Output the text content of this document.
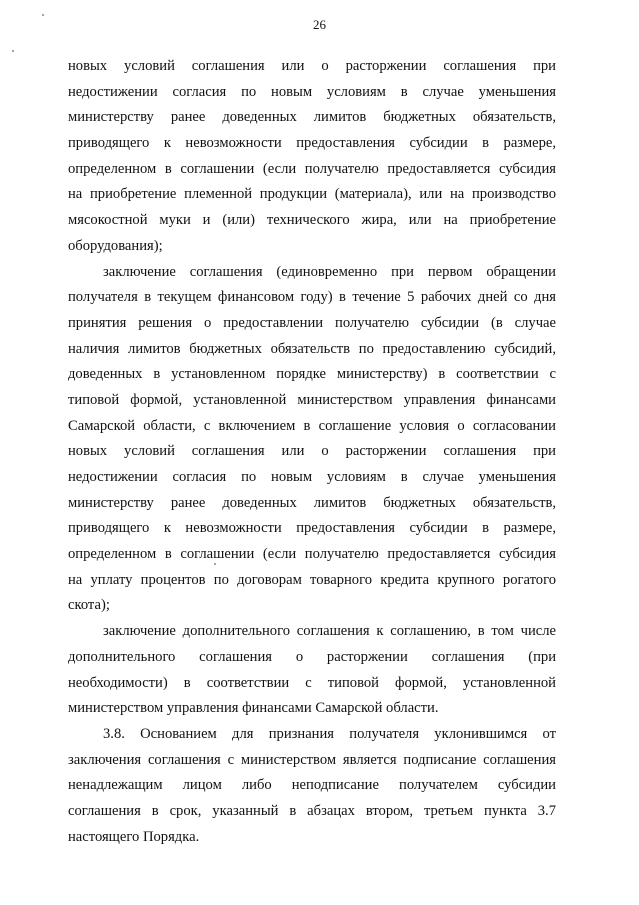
26
новых условий соглашения или о расторжении соглашения при
недостижении согласия по новым условиям в случае уменьшения
министерству ранее доведенных лимитов бюджетных обязательств,
приводящего к невозможности предоставления субсидии в размере,
определенном в соглашении (если получателю предоставляется субсидия
на приобретение племенной продукции (материала), или на производство
мясокостной муки и (или) технического жира, или на приобретение
оборудования);
заключение соглашения (единовременно при первом обращении
получателя в текущем финансовом году) в течение 5 рабочих дней со дня
принятия решения о предоставлении получателю субсидии (в случае
наличия лимитов бюджетных обязательств по предоставлению субсидий,
доведенных в установленном порядке министерству) в соответствии с
типовой формой, установленной министерством управления финансами
Самарской области, с включением в соглашение условия о согласовании
новых условий соглашения или о расторжении соглашения при
недостижении согласия по новым условиям в случае уменьшения
министерству ранее доведенных лимитов бюджетных обязательств,
приводящего к невозможности предоставления субсидии в размере,
определенном в соглашении (если получателю предоставляется субсидия
на уплату процентов по договорам товарного кредита крупного рогатого
скота);
заключение дополнительного соглашения к соглашению, в том числе
дополнительного соглашения о расторжении соглашения (при
необходимости) в соответствии с типовой формой, установленной
министерством управления финансами Самарской области.
3.8. Основанием для признания получателя уклонившимся от
заключения соглашения с министерством является подписание соглашения
ненадлежащим лицом либо неподписание получателем субсидии
соглашения в срок, указанный в абзацах втором, третьем пункта 3.7
настоящего Порядка.
